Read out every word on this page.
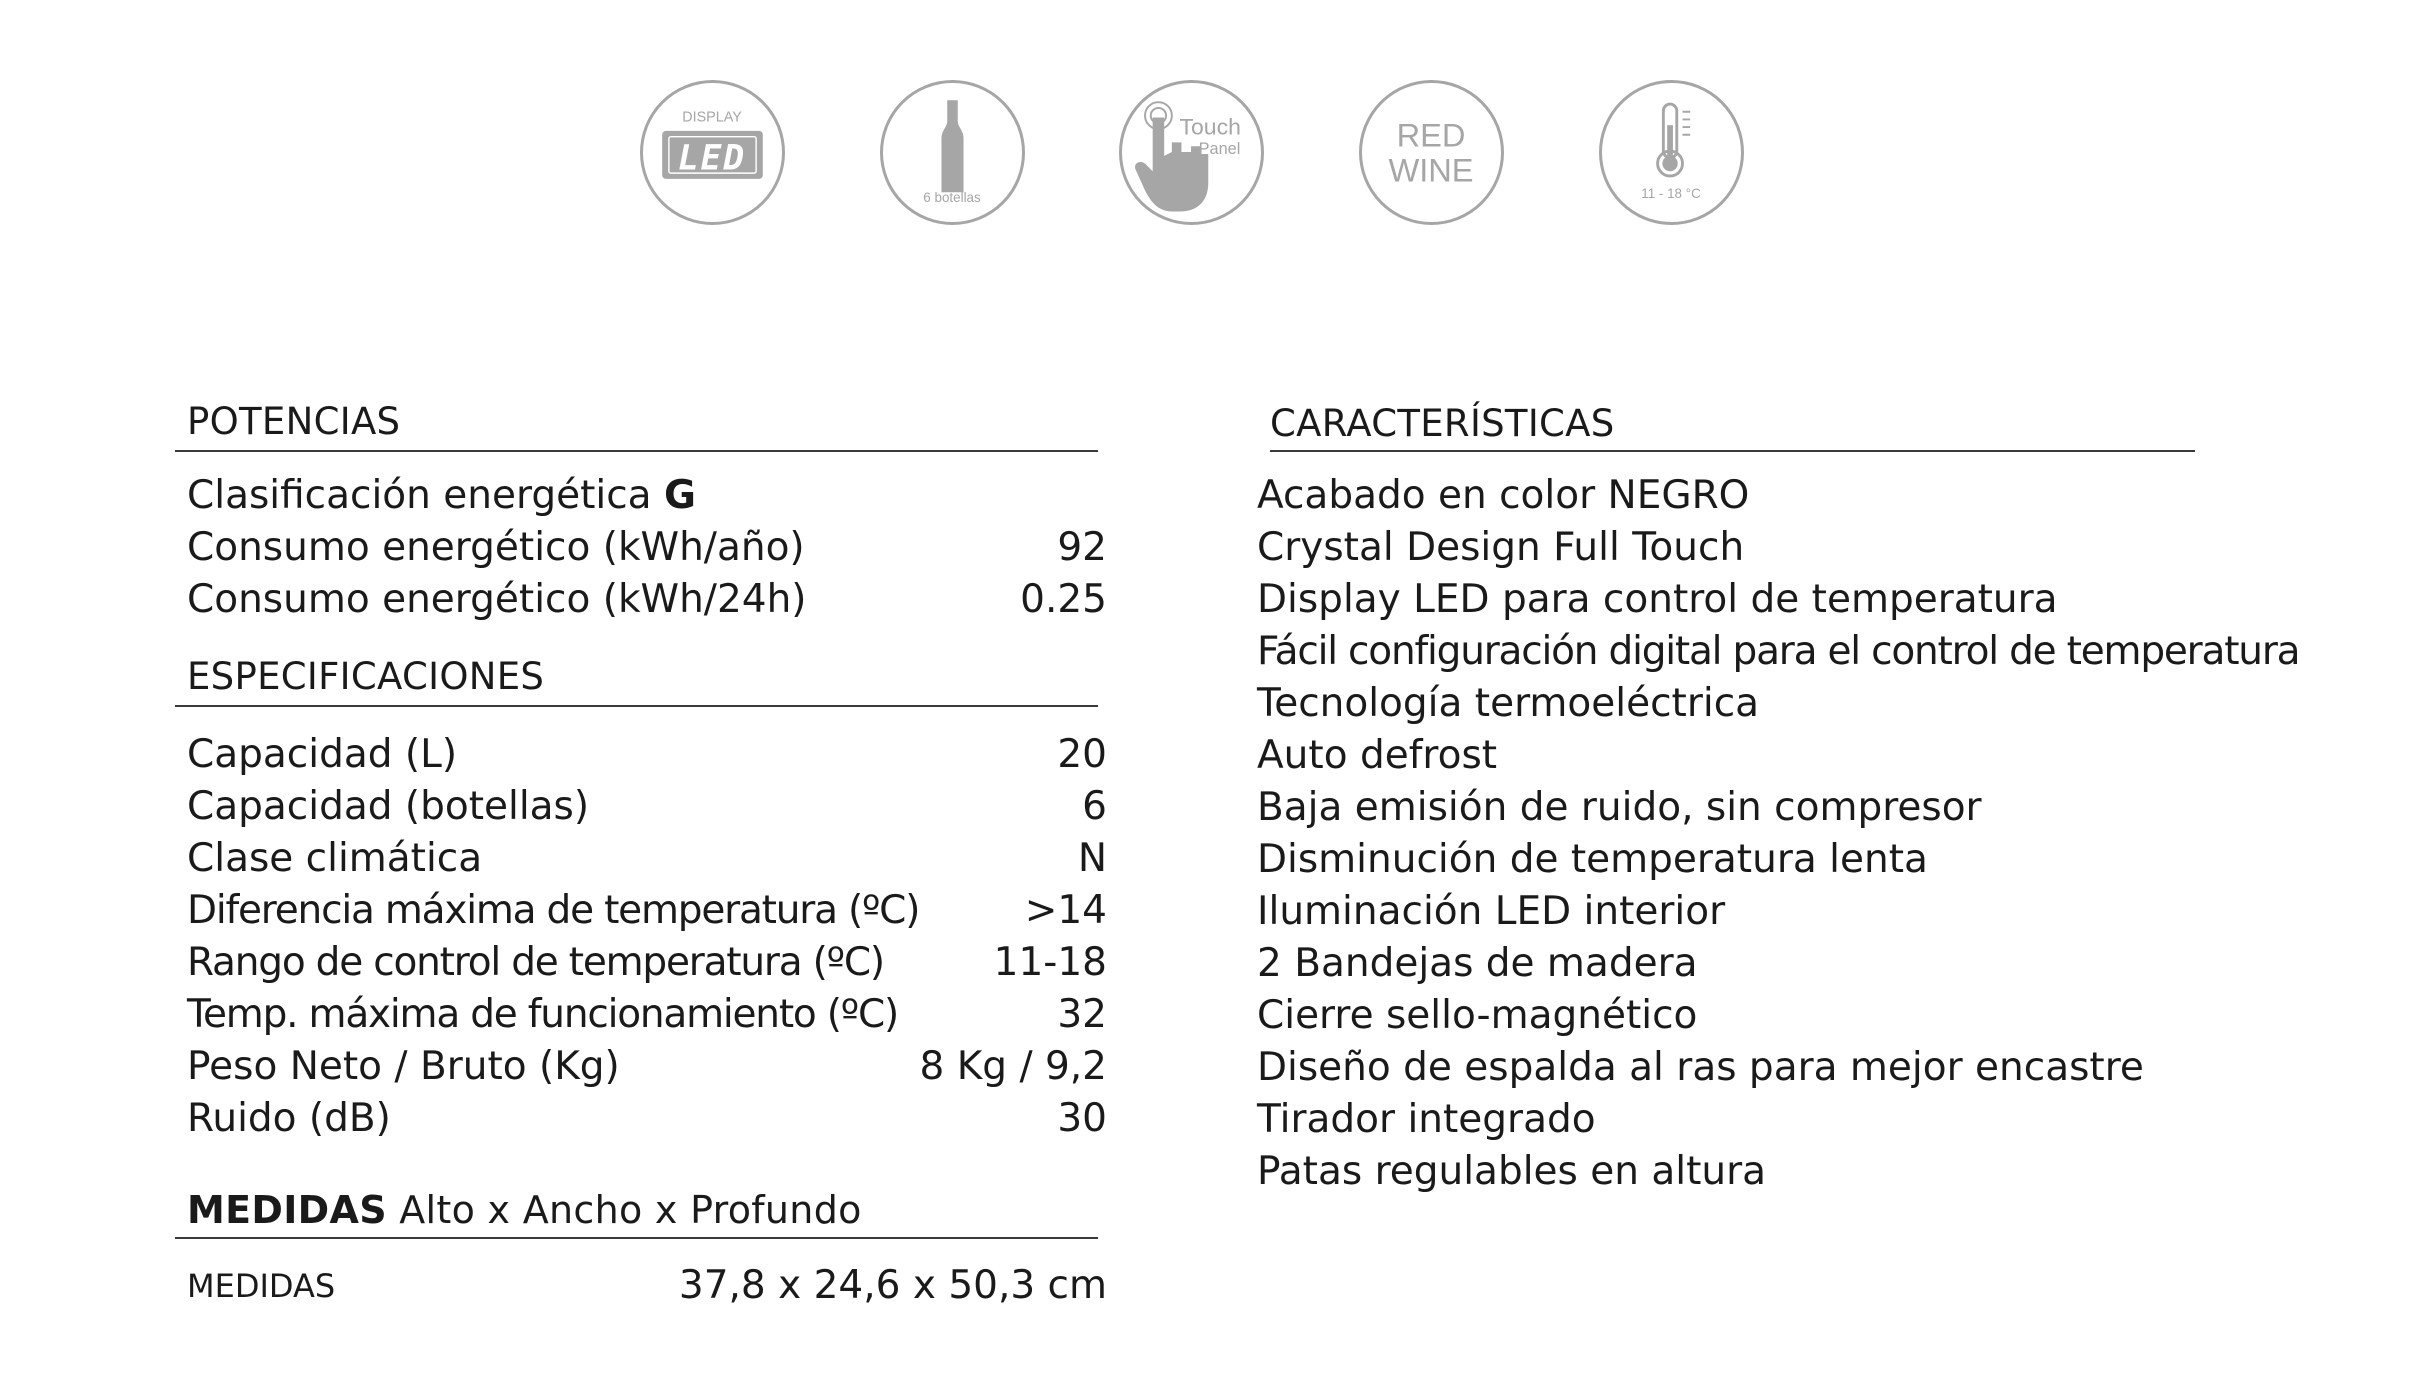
DISPLAY
LED
6 botellas
Touch
Panel	RED
WINE
11 - 18 °C
POTENCIAS
Clasificación energética G
Consumo energético (kWh/año)	92
Consumo energético (kWh/24h)	0.25
ESPECIFICACIONES
Capacidad (L)	20
Capacidad (botellas)	6
Clase climática	N
Diferencia máxima de temperatura (ºC)	>14
Rango de control de temperatura (ºC)	11-18
Temp. máxima de funcionamiento (ºC)	32
Peso Neto / Bruto (Kg)	8 Kg / 9,2
Ruido (dB)	30
MEDIDAS Alto x Ancho x Profundo
MEDIDAS	37,8 x 24,6 x 50,3 cm
CARACTERÍSTICAS
Acabado en color NEGRO
Crystal Design Full Touch
Display LED para control de temperatura
Fácil configuración digital para el control de temperatura
Tecnología termoeléctrica
Auto defrost
Baja emisión de ruido, sin compresor
Disminución de temperatura lenta
Iluminación LED interior
2 Bandejas de madera
Cierre sello-magnético
Diseño de espalda al ras para mejor encastre
Tirador integrado
Patas regulables en altura
